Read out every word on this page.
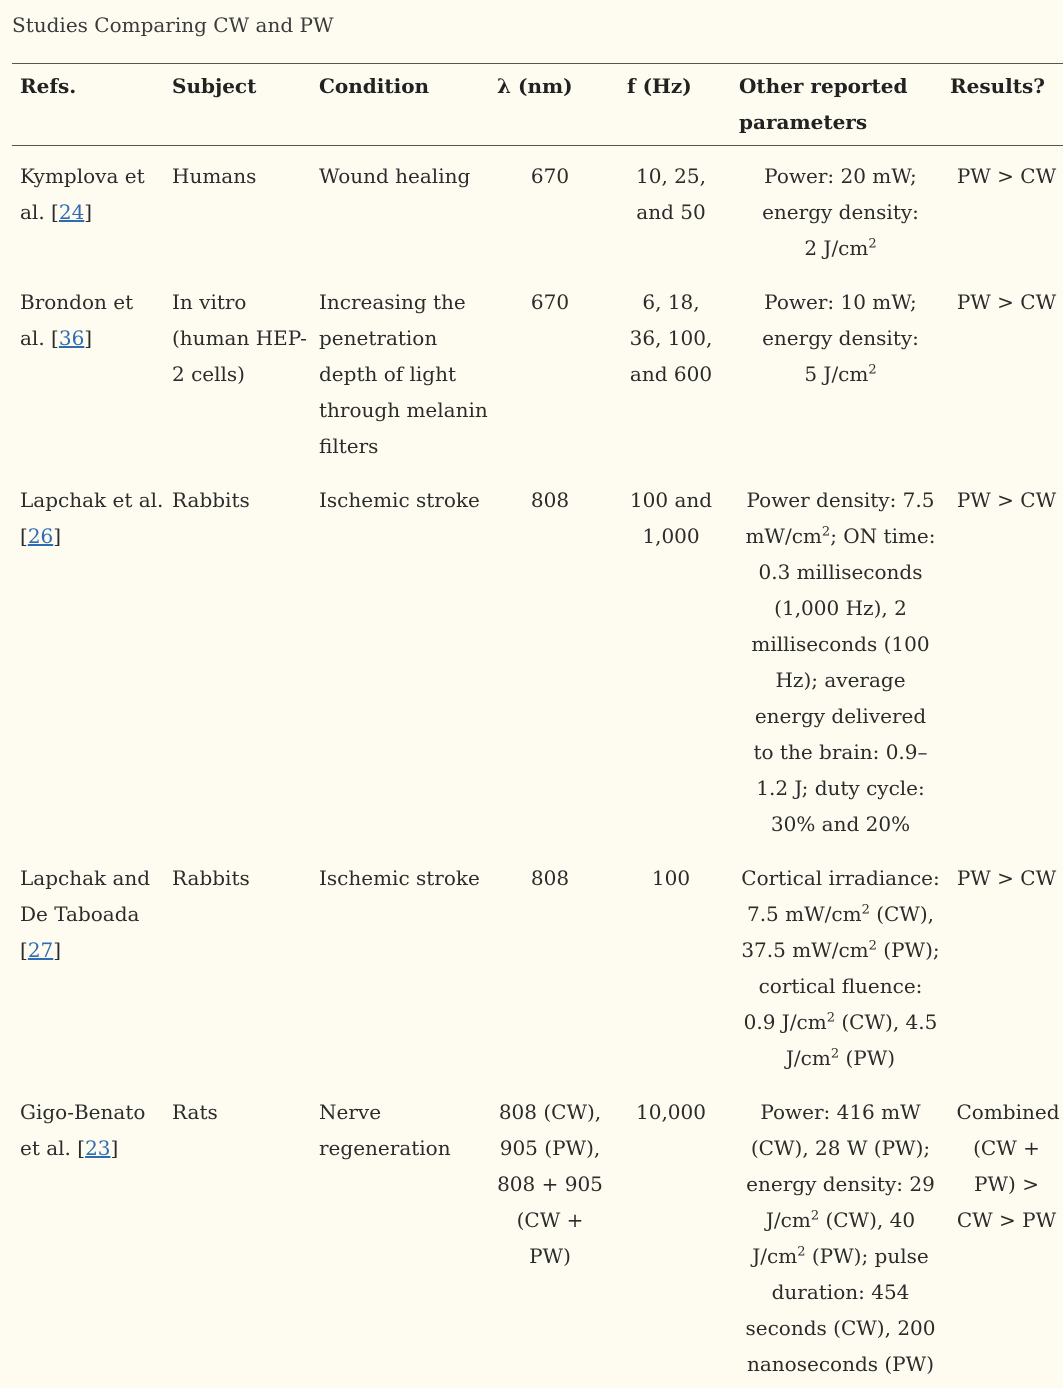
Studies Comparing CW and PW
Refs.	Subject	Condition	λ (nm)	f (Hz)	Other reported parameters	Results?
Kymplova et al. [24]	Humans	Wound healing	670	10, 25, and 50	Power: 20 mW; energy density: 2 $J/cm^2$	PW > CW
Brondon et al. [36]	In vitro (human HEP-2 cells)	Increasing the penetration depth of light through melanin filters	670	6, 18, 36, 100, and 600	Power: 10 mW; energy density: 5 $J/cm^2$	PW > CW
Lapchak et al. [26]	Rabbits	Ischemic stroke	808	100 and 1,000	Power density: 7.5 $mW/cm^2$; ON time: 0.3 milliseconds (1,000 Hz), 2 milliseconds (100 Hz); average energy delivered to the brain: 0.9–1.2 J; duty cycle: 30% and 20%	PW > CW
Lapchak and De Taboada [27]	Rabbits	Ischemic stroke	808	100	Cortical irradiance: 7.5 $mW/cm^2$ (CW), 37.5 $mW/cm^2$ (PW); cortical fluence: 0.9 $J/cm^2$ (CW), 4.5 $J/cm^2$ (PW)	PW > CW
Gigo-Benato et al. [23]	Rats	Nerve regeneration	808 (CW), 905 (PW), 808 + 905 (CW + PW)	10,000	Power: 416 mW (CW), 28 W (PW); energy density: 29 $J/cm^2$ (CW), 40 $J/cm^2$ (PW); pulse duration: 454 seconds (CW), 200 nanoseconds (PW)	Combined (CW + PW) > CW > PW
